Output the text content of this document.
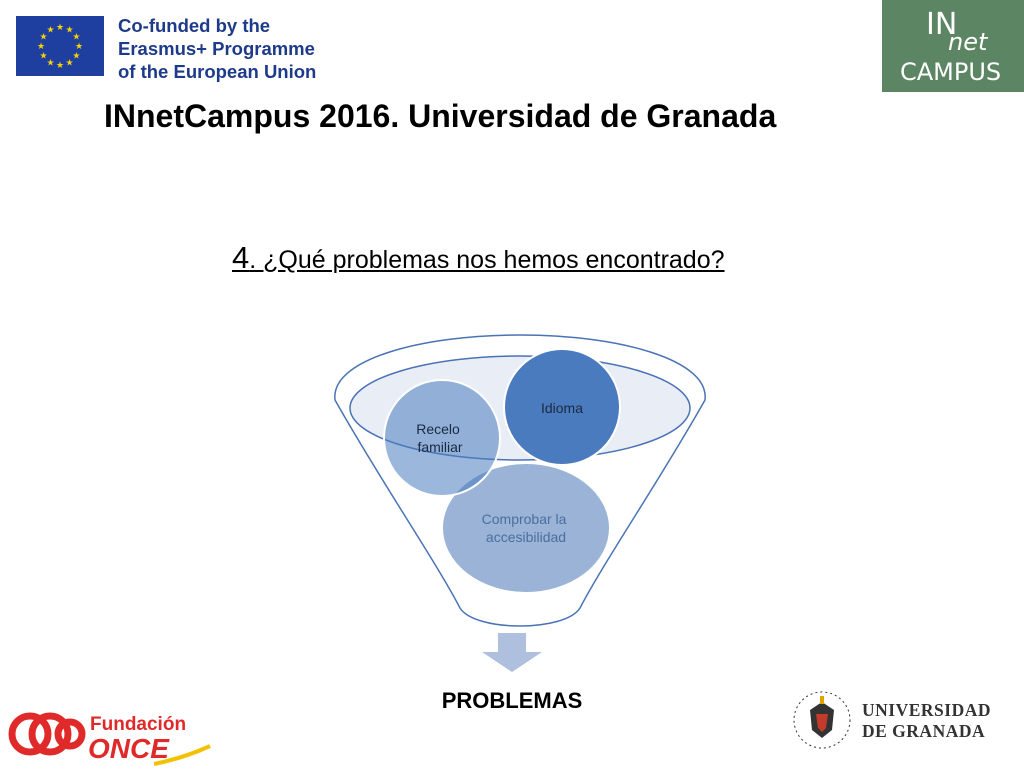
★
★
★
★
★
★
★
★
★ ★ ★
★
Co-funded by the
Erasmus+ Programme
of the European Union
IN
net
CAMPUS
INnetCampus 2016. Universidad de Granada
4. ¿Qué problemas nos hemos encontrado?
Comprobar la accesibilidad
Recelo familiar
Idioma
PROBLEMAS
Fundación
ONCE
UNIVERSIDAD
DE GRANADA
